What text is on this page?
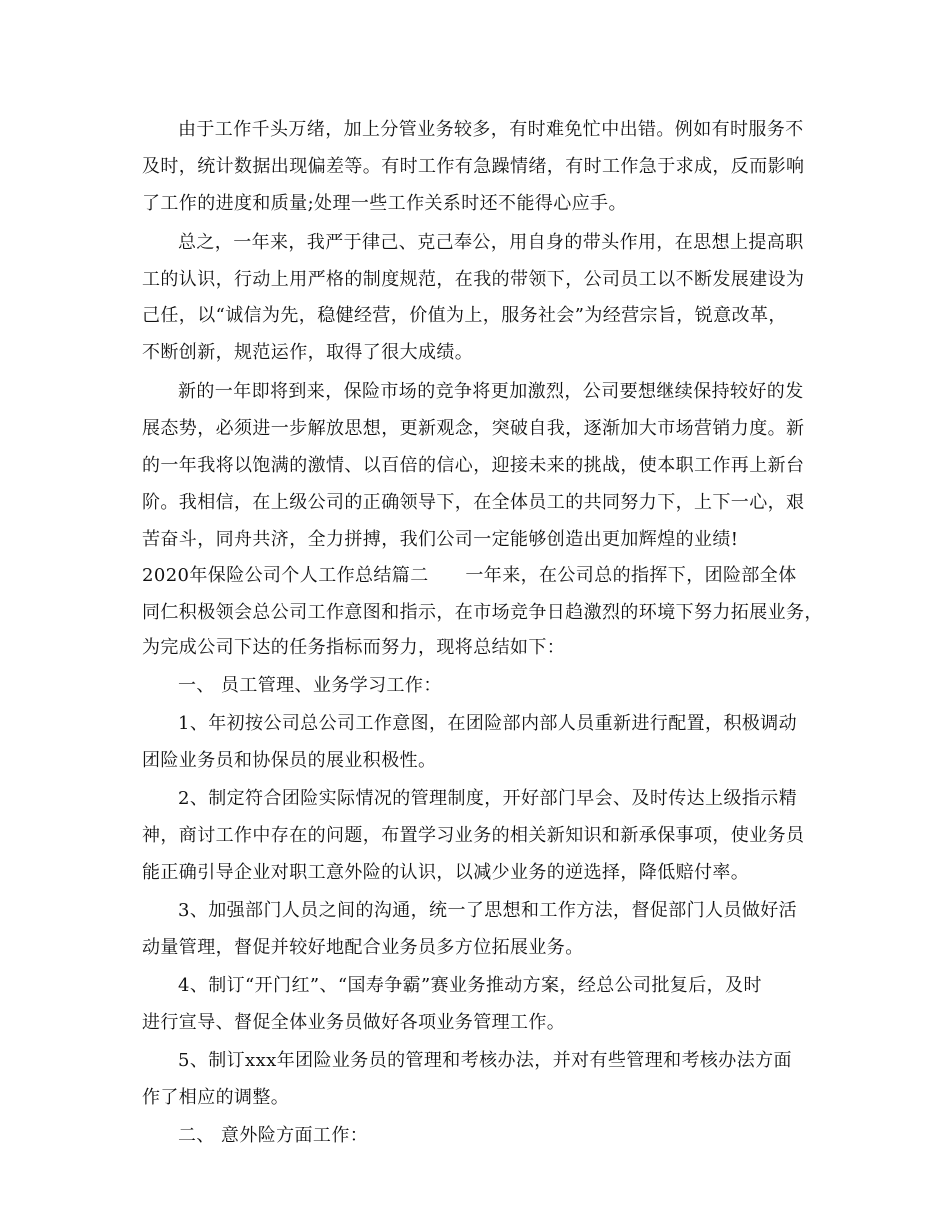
由于工作千头万绪，加上分管业务较多，有时难免忙中出错。例如有时服务不
及时，统计数据出现偏差等。有时工作有急躁情绪，有时工作急于求成，反而影响
了工作的进度和质量;处理一些工作关系时还不能得心应手。
总之，一年来，我严于律己、克己奉公，用自身的带头作用，在思想上提高职
工的认识，行动上用严格的制度规范，在我的带领下，公司员工以不断发展建设为
己任，以“诚信为先，稳健经营，价值为上，服务社会”为经营宗旨，锐意改革，
不断创新，规范运作，取得了很大成绩。
新的一年即将到来，保险市场的竞争将更加激烈，公司要想继续保持较好的发
展态势，必须进一步解放思想，更新观念，突破自我，逐渐加大市场营销力度。新
的一年我将以饱满的激情、以百倍的信心，迎接未来的挑战，使本职工作再上新台
阶。我相信，在上级公司的正确领导下，在全体员工的共同努力下，上下一心，艰
苦奋斗，同舟共济，全力拼搏，我们公司一定能够创造出更加辉煌的业绩!
2020年保险公司个人工作总结篇二　　一年来，在公司总的指挥下，团险部全体
同仁积极领会总公司工作意图和指示，在市场竞争日趋激烈的环境下努力拓展业务，
为完成公司下达的任务指标而努力，现将总结如下：
一、 员工管理、业务学习工作：
1、年初按公司总公司工作意图，在团险部内部人员重新进行配置，积极调动
团险业务员和协保员的展业积极性。
2、制定符合团险实际情况的管理制度，开好部门早会、及时传达上级指示精
神，商讨工作中存在的问题，布置学习业务的相关新知识和新承保事项，使业务员
能正确引导企业对职工意外险的认识，以减少业务的逆选择，降低赔付率。
3、加强部门人员之间的沟通，统一了思想和工作方法，督促部门人员做好活
动量管理，督促并较好地配合业务员多方位拓展业务。
4、制订“开门红”、“国寿争霸”赛业务推动方案，经总公司批复后，及时
进行宣导、督促全体业务员做好各项业务管理工作。
5、制订xxx年团险业务员的管理和考核办法，并对有些管理和考核办法方面
作了相应的调整。
二、 意外险方面工作：
